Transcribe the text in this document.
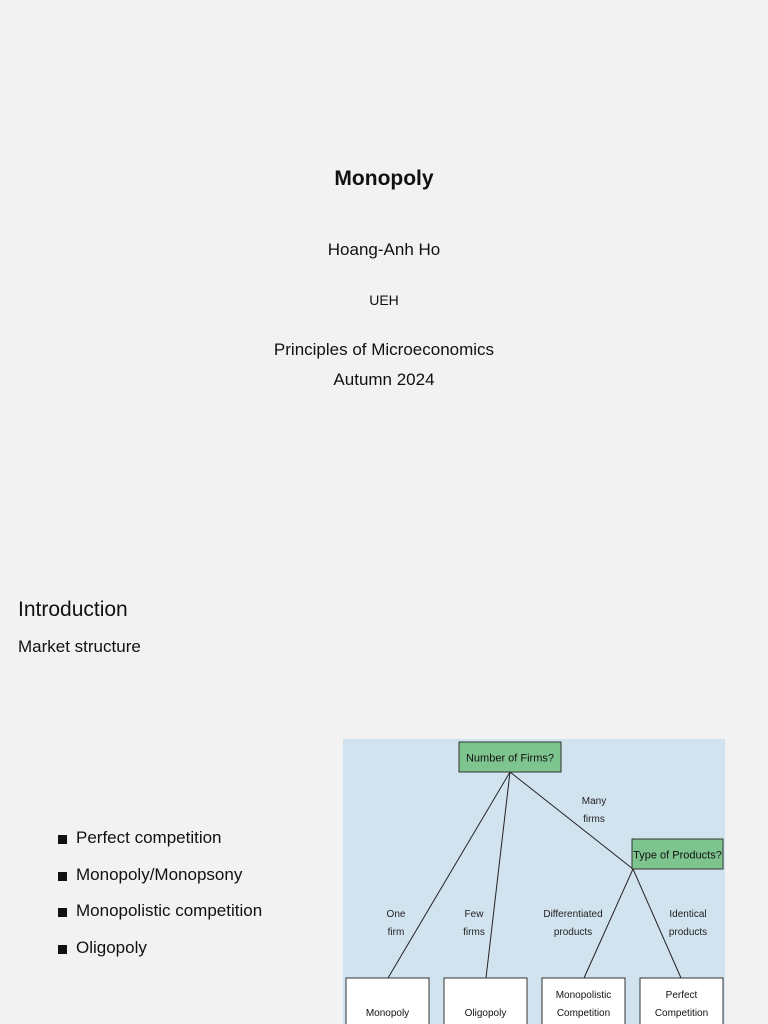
Monopoly
Hoang-Anh Ho
UEH
Principles of Microeconomics
Autumn 2024
Introduction
Market structure
Perfect competition
Monopoly/Monopsony
Monopolistic competition
Oligopoly
Number of Firms?
Type of Products?
Many
firms
One
firm
Few
firms
Differentiated
products
Identical
products
Monopoly	Oligopoly
Monopolistic
Competition
Perfect
Competition
